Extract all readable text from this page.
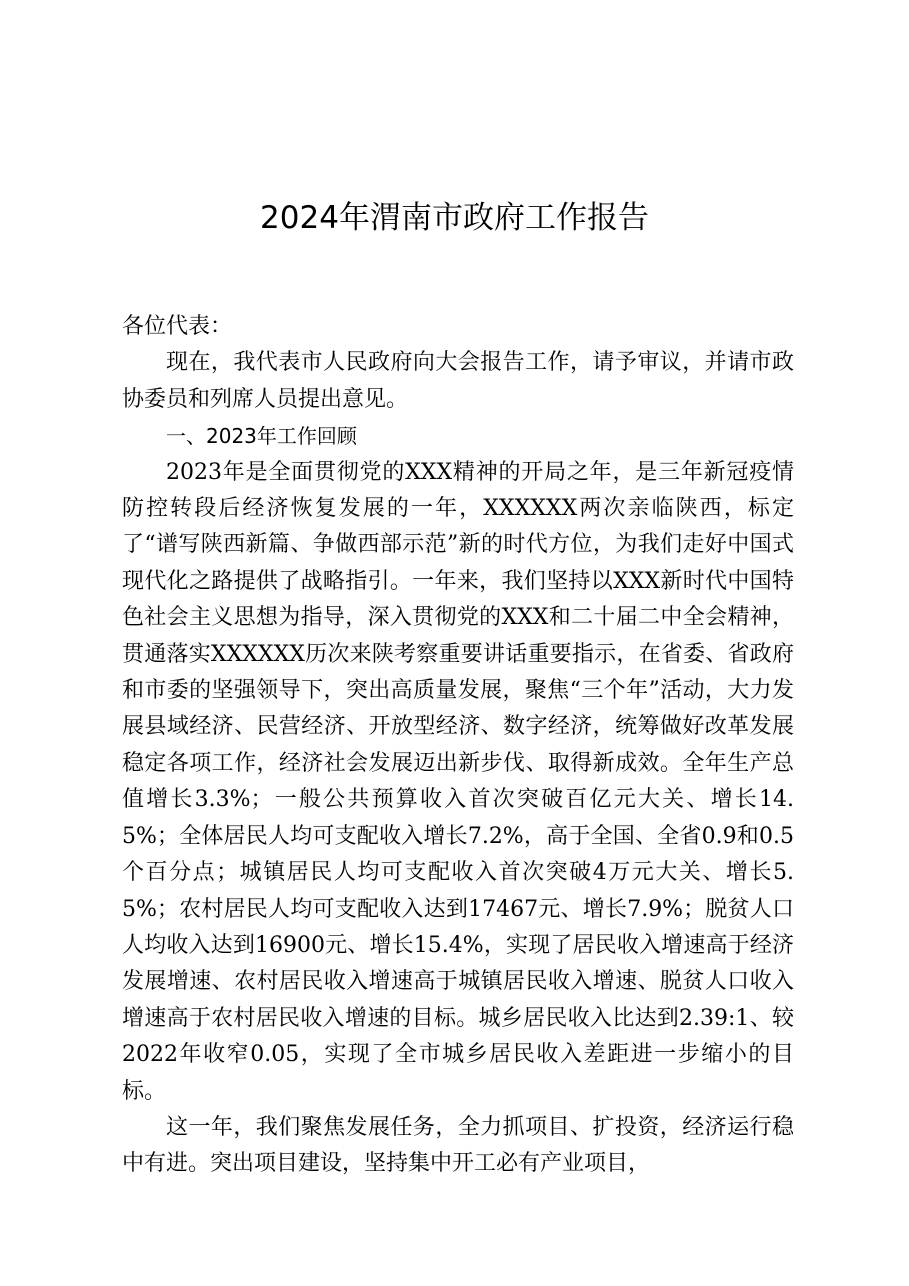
2024年渭南市政府工作报告

各位代表：

现在，我代表市人民政府向大会报告工作，请予审议，并请市政协委员和列席人员提出意见。

一、2023年工作回顾

2023年是全面贯彻党的XXX精神的开局之年，是三年新冠疫情防控转段后经济恢复发展的一年，XXXXXX两次亲临陕西，标定了“谱写陕西新篇、争做西部示范”新的时代方位，为我们走好中国式现代化之路提供了战略指引。一年来，我们坚持以XXX新时代中国特色社会主义思想为指导，深入贯彻党的XXX和二十届二中全会精神，贯通落实XXXXXX历次来陕考察重要讲话重要指示，在省委、省政府和市委的坚强领导下，突出高质量发展，聚焦“三个年”活动，大力发展县域经济、民营经济、开放型经济、数字经济，统筹做好改革发展稳定各项工作，经济社会发展迈出新步伐、取得新成效。全年生产总值增长3.3%；一般公共预算收入首次突破百亿元大关、增长14.5%；全体居民人均可支配收入增长7.2%，高于全国、全省0.9和0.5个百分点；城镇居民人均可支配收入首次突破4万元大关、增长5.5%；农村居民人均可支配收入达到17467元、增长7.9%；脱贫人口人均收入达到16900元、增长15.4%，实现了居民收入增速高于经济发展增速、农村居民收入增速高于城镇居民收入增速、脱贫人口收入增速高于农村居民收入增速的目标。城乡居民收入比达到2.39:1、较2022年收窄0.05，实现了全市城乡居民收入差距进一步缩小的目标。

这一年，我们聚焦发展任务，全力抓项目、扩投资，经济运行稳中有进。突出项目建设，坚持集中开工必有产业项目，
